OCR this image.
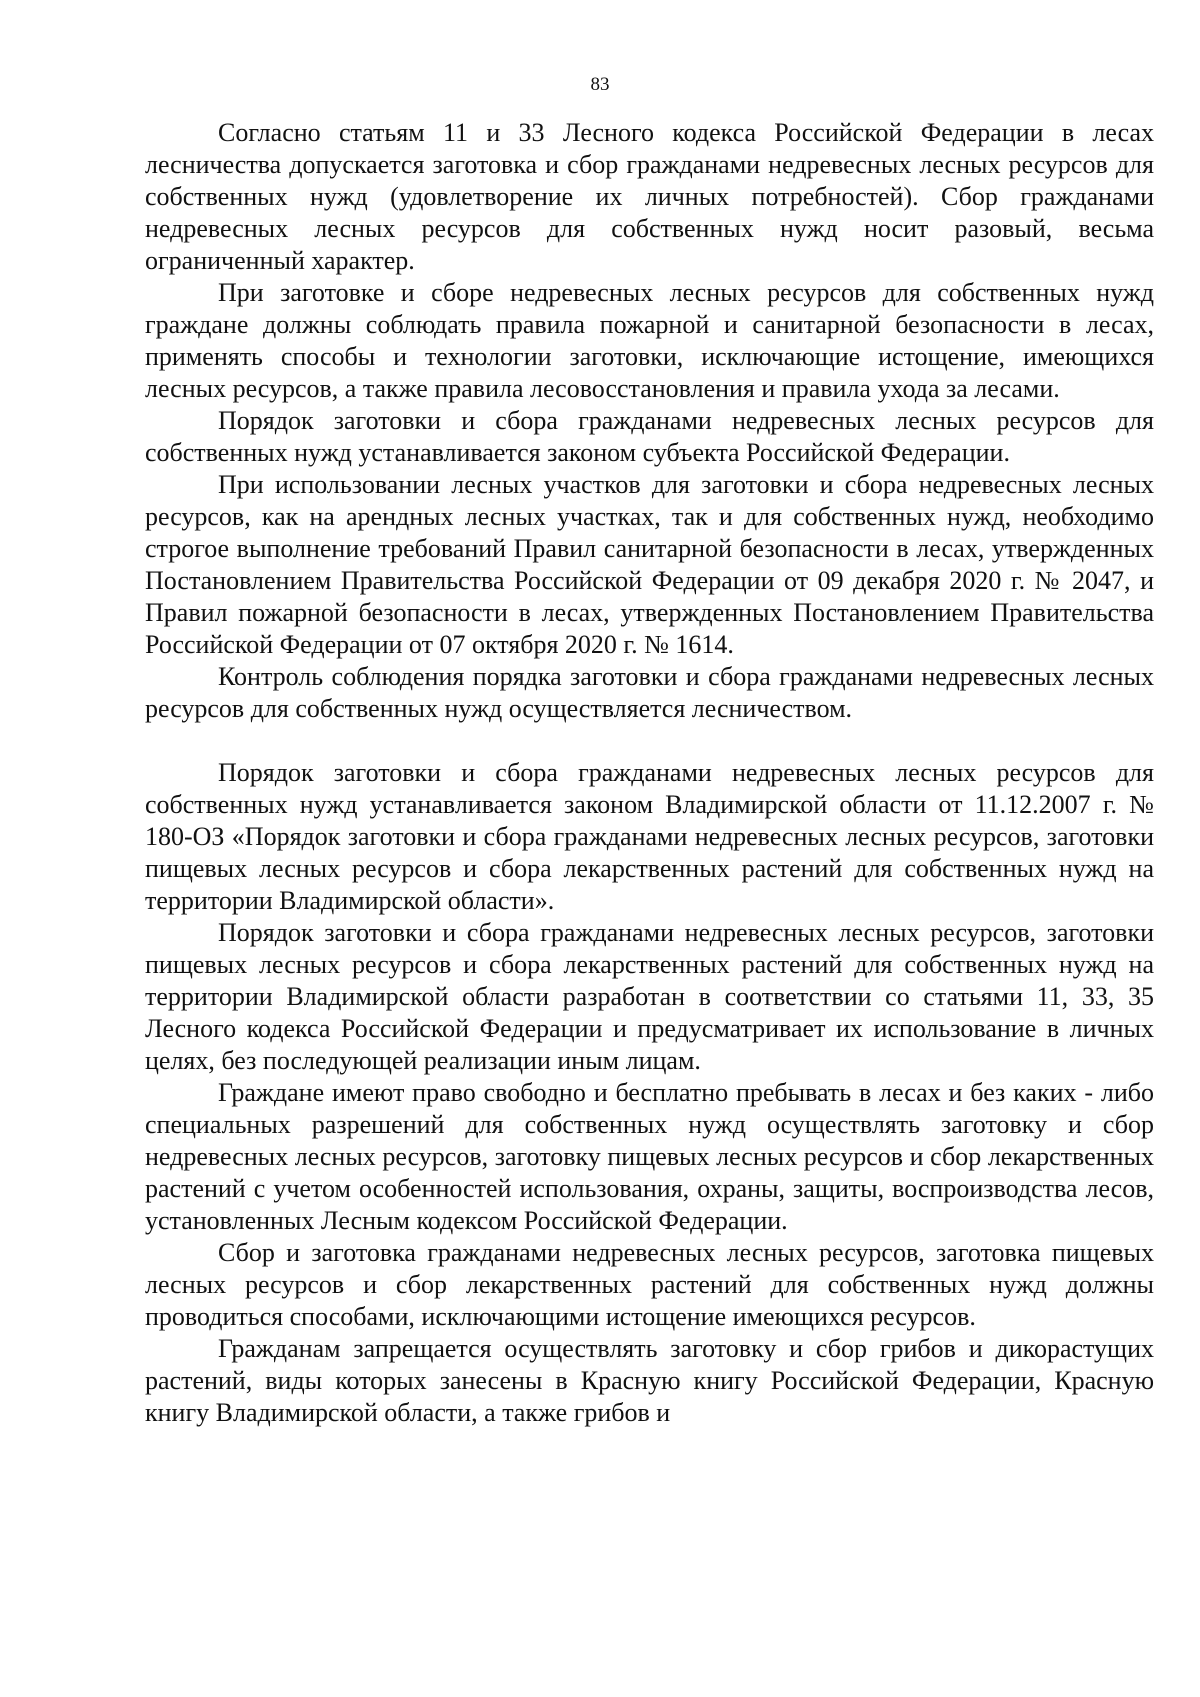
83

Согласно статьям 11 и 33 Лесного кодекса Российской Федерации в лесах лесничества допускается заготовка и сбор гражданами недревесных лесных ресурсов для собственных нужд (удовлетворение их личных потребностей). Сбор гражданами недревесных лесных ресурсов для собственных нужд носит разовый, весьма ограниченный характер.

При заготовке и сборе недревесных лесных ресурсов для собственных нужд граждане должны соблюдать правила пожарной и санитарной безопасности в лесах, применять способы и технологии заготовки, исключающие истощение, имеющихся лесных ресурсов, а также правила лесовосстановления и правила ухода за лесами.

Порядок заготовки и сбора гражданами недревесных лесных ресурсов для собственных нужд устанавливается законом субъекта Российской Федерации.

При использовании лесных участков для заготовки и сбора недревесных лесных ресурсов, как на арендных лесных участках, так и для собственных нужд, необходимо строгое выполнение требований Правил санитарной безопасности в лесах, утвержденных Постановлением Правительства Российской Федерации от 09 декабря 2020 г. № 2047, и Правил пожарной безопасности в лесах, утвержденных Постановлением Правительства Российской Федерации от 07 октября 2020 г. № 1614.

Контроль соблюдения порядка заготовки и сбора гражданами недревесных лесных ресурсов для собственных нужд осуществляется лесничеством.

Порядок заготовки и сбора гражданами недревесных лесных ресурсов для собственных нужд устанавливается законом Владимирской области от 11.12.2007 г. № 180-ОЗ «Порядок заготовки и сбора гражданами недревесных лесных ресурсов, заготовки пищевых лесных ресурсов и сбора лекарственных растений для собственных нужд на территории Владимирской области».

Порядок заготовки и сбора гражданами недревесных лесных ресурсов, заготовки пищевых лесных ресурсов и сбора лекарственных растений для собственных нужд на территории Владимирской области разработан в соответствии со статьями 11, 33, 35 Лесного кодекса Российской Федерации и предусматривает их использование в личных целях, без последующей реализации иным лицам.

Граждане имеют право свободно и бесплатно пребывать в лесах и без каких - либо специальных разрешений для собственных нужд осуществлять заготовку и сбор недревесных лесных ресурсов, заготовку пищевых лесных ресурсов и сбор лекарственных растений с учетом особенностей использования, охраны, защиты, воспроизводства лесов, установленных Лесным кодексом Российской Федерации.

Сбор и заготовка гражданами недревесных лесных ресурсов, заготовка пищевых лесных ресурсов и сбор лекарственных растений для собственных нужд должны проводиться способами, исключающими истощение имеющихся ресурсов.

Гражданам запрещается осуществлять заготовку и сбор грибов и дикорастущих растений, виды которых занесены в Красную книгу Российской Федерации, Красную книгу Владимирской области, а также грибов и
